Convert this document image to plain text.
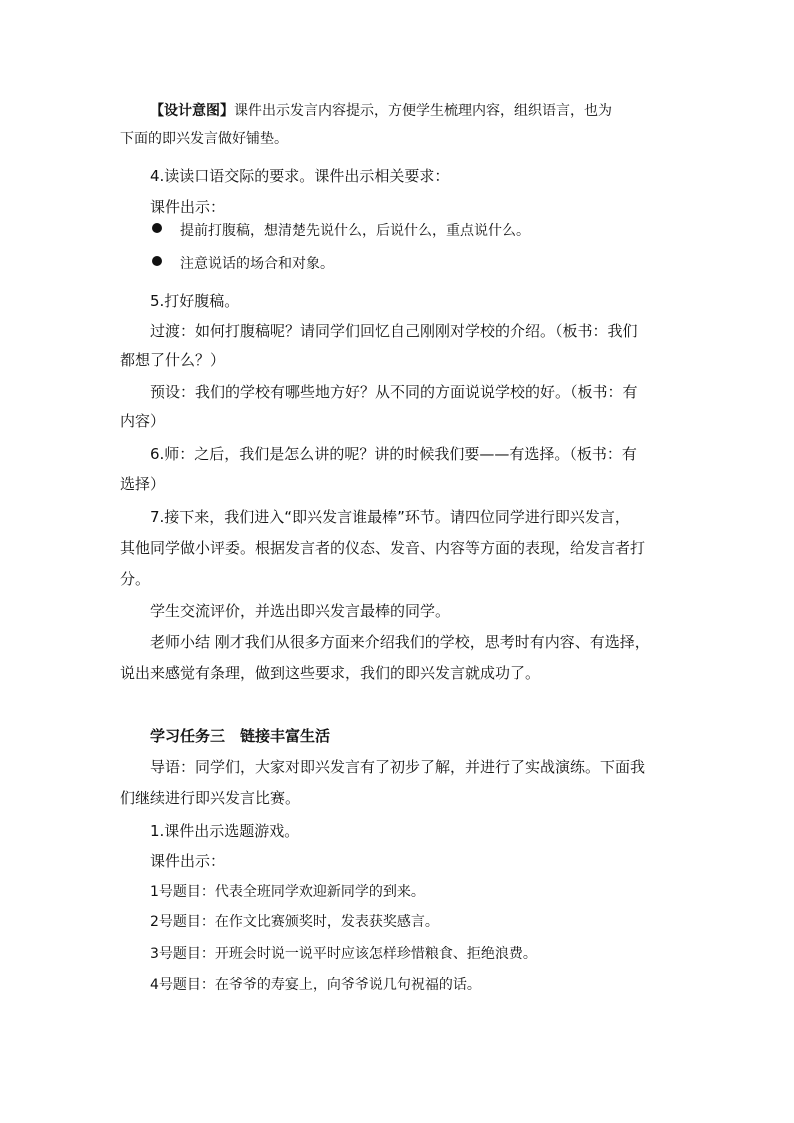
【设计意图】课件出示发言内容提示，方便学生梳理内容，组织语言，也为
下面的即兴发言做好铺垫。
4.读读口语交际的要求。课件出示相关要求：
课件出示：
提前打腹稿，想清楚先说什么，后说什么，重点说什么。
注意说话的场合和对象。
5.打好腹稿。
过渡：如何打腹稿呢？请同学们回忆自己刚刚对学校的介绍。（板书：我们
都想了什么？）
预设：我们的学校有哪些地方好？从不同的方面说说学校的好。（板书：有
内容）
6.师：之后，我们是怎么讲的呢？讲的时候我们要——有选择。（板书：有
选择）
7.接下来，我们进入“即兴发言谁最棒”环节。请四位同学进行即兴发言，
其他同学做小评委。根据发言者的仪态、发音、内容等方面的表现，给发言者打
分。
学生交流评价，并选出即兴发言最棒的同学。
老师小结 刚才我们从很多方面来介绍我们的学校，思考时有内容、有选择，
说出来感觉有条理，做到这些要求，我们的即兴发言就成功了。
学习任务三　链接丰富生活
导语：同学们，大家对即兴发言有了初步了解，并进行了实战演练。下面我
们继续进行即兴发言比赛。
1.课件出示选题游戏。
课件出示：
1号题目：代表全班同学欢迎新同学的到来。
2号题目：在作文比赛颁奖时，发表获奖感言。
3号题目：开班会时说一说平时应该怎样珍惜粮食、拒绝浪费。
4号题目：在爷爷的寿宴上，向爷爷说几句祝福的话。
